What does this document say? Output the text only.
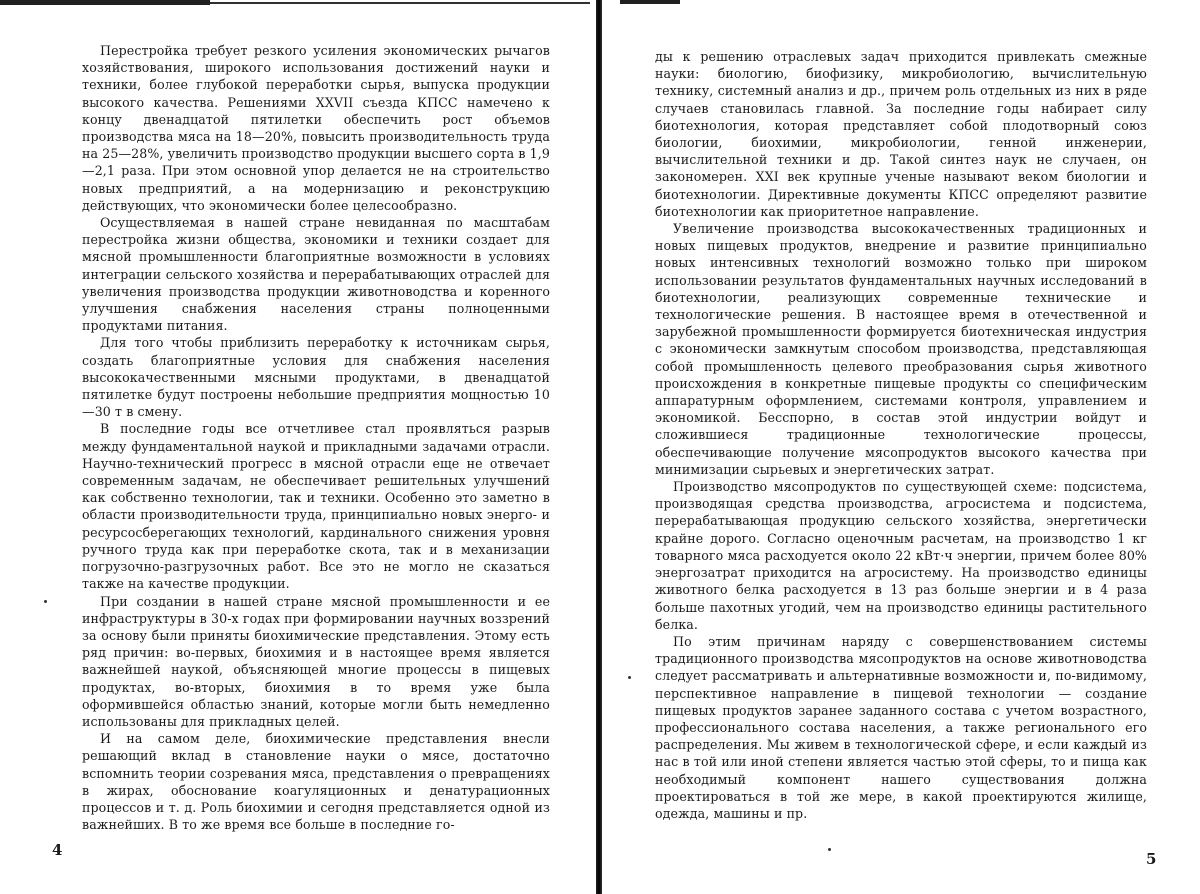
Перестройка требует резкого усиления экономических рычагов хозяйствования, широкого использования достижений науки и техники, более глубокой переработки сырья, выпуска продукции высокого качества. Решениями XXVII съезда КПСС намечено к концу двенадцатой пятилетки обеспечить рост объемов производства мяса на 18—20%, повысить производительность труда на 25—28%, увеличить производство продукции высшего сорта в 1,9—2,1 раза. При этом основной упор делается не на строительство новых предприятий, а на модернизацию и реконструкцию действующих, что экономически более целесообразно.

Осуществляемая в нашей стране невиданная по масштабам перестройка жизни общества, экономики и техники создает для мясной промышленности благоприятные возможности в условиях интеграции сельского хозяйства и перерабатывающих отраслей для увеличения производства продукции животноводства и коренного улучшения снабжения населения страны полноценными продуктами питания.

Для того чтобы приблизить переработку к источникам сырья, создать благоприятные условия для снабжения населения высококачественными мясными продуктами, в двенадцатой пятилетке будут построены небольшие предприятия мощностью 10—30 т в смену.

В последние годы все отчетливее стал проявляться разрыв между фундаментальной наукой и прикладными задачами отрасли. Научно-технический прогресс в мясной отрасли еще не отвечает современным задачам, не обеспечивает решительных улучшений как собственно технологии, так и техники. Особенно это заметно в области производительности труда, принципиально новых энерго- и ресурсосберегающих технологий, кардинального снижения уровня ручного труда как при переработке скота, так и в механизации погрузочно-разгрузочных работ. Все это не могло не сказаться также на качестве продукции.

При создании в нашей стране мясной промышленности и ее инфраструктуры в 30-х годах при формировании научных воззрений за основу были приняты биохимические представления. Этому есть ряд причин: во-первых, биохимия и в настоящее время является важнейшей наукой, объясняющей многие процессы в пищевых продуктах, во-вторых, биохимия в то время уже была оформившейся областью знаний, которые могли быть немедленно использованы для прикладных целей.

И на самом деле, биохимические представления внесли решающий вклад в становление науки о мясе, достаточно вспомнить теории созревания мяса, представления о превращениях в жирах, обоснование коагуляционных и денатурационных процессов и т. д. Роль биохимии и сегодня представляется одной из важнейших. В то же время все больше в последние го-

4

ды к решению отраслевых задач приходится привлекать смежные науки: биологию, биофизику, микробиологию, вычислительную технику, системный анализ и др., причем роль отдельных из них в ряде случаев становилась главной. За последние годы набирает силу биотехнология, которая представляет собой плодотворный союз биологии, биохимии, микробиологии, генной инженерии, вычислительной техники и др. Такой синтез наук не случаен, он закономерен. XXI век крупные ученые называют веком биологии и биотехнологии. Директивные документы КПСС определяют развитие биотехнологии как приоритетное направление.

Увеличение производства высококачественных традиционных и новых пищевых продуктов, внедрение и развитие принципиально новых интенсивных технологий возможно только при широком использовании результатов фундаментальных научных исследований в биотехнологии, реализующих современные технические и технологические решения. В настоящее время в отечественной и зарубежной промышленности формируется биотехническая индустрия с экономически замкнутым способом производства, представляющая собой промышленность целевого преобразования сырья животного происхождения в конкретные пищевые продукты со специфическим аппаратурным оформлением, системами контроля, управлением и экономикой. Бесспорно, в состав этой индустрии войдут и сложившиеся традиционные технологические процессы, обеспечивающие получение мясопродуктов высокого качества при минимизации сырьевых и энергетических затрат.

Производство мясопродуктов по существующей схеме: подсистема, производящая средства производства, агросистема и подсистема, перерабатывающая продукцию сельского хозяйства, энергетически крайне дорого. Согласно оценочным расчетам, на производство 1 кг товарного мяса расходуется около 22 кВт·ч энергии, причем более 80% энергозатрат приходится на агросистему. На производство единицы животного белка расходуется в 13 раз больше энергии и в 4 раза больше пахотных угодий, чем на производство единицы растительного белка.

По этим причинам наряду с совершенствованием системы традиционного производства мясопродуктов на основе животноводства следует рассматривать и альтернативные возможности и, по-видимому, перспективное направление в пищевой технологии — создание пищевых продуктов заранее заданного состава с учетом возрастного, профессионального состава населения, а также регионального его распределения. Мы живем в технологической сфере, и если каждый из нас в той или иной степени является частью этой сферы, то и пища как необходимый компонент нашего существования должна проектироваться в той же мере, в какой проектируются жилище, одежда, машины и пр.

5
